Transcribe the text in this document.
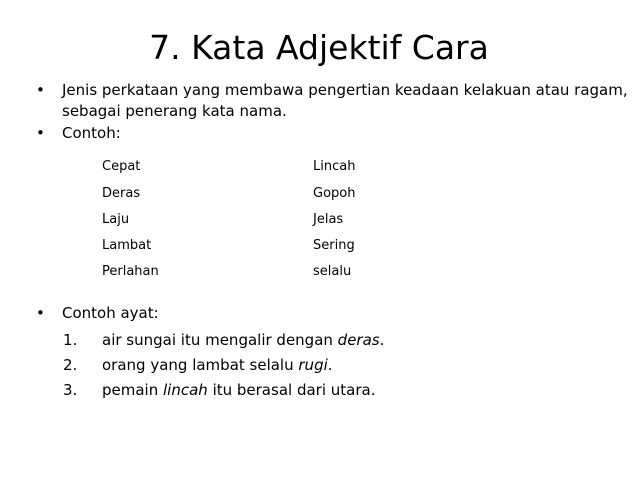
7. Kata Adjektif Cara
• Jenis perkataan yang membawa pengertian keadaan kelakuan atau ragam,
sebagai penerang kata nama.
• Contoh:
Cepat
Deras
Laju
Lambat
Perlahan
Lincah
Gopoh
Jelas
Sering
selalu
• Contoh ayat:
1. air sungai itu mengalir dengan deras.
2. orang yang lambat selalu rugi.
3. pemain lincah itu berasal dari utara.
